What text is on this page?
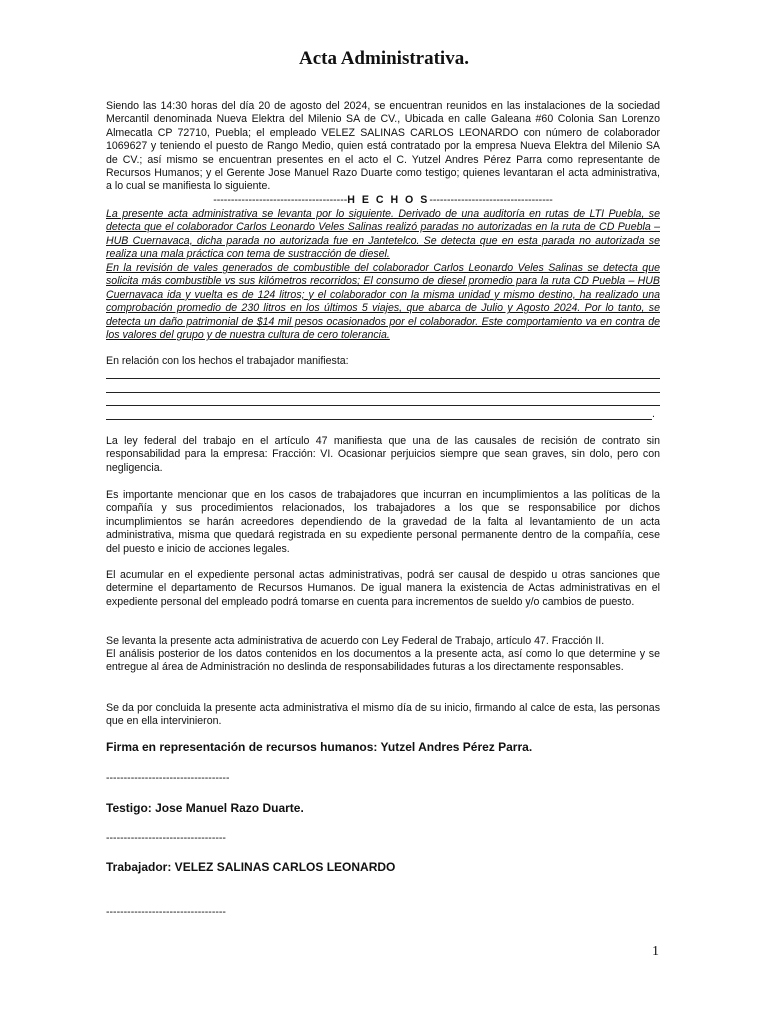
Acta Administrativa.

Siendo las 14:30 horas del día 20 de agosto del 2024, se encuentran reunidos en las instalaciones de la sociedad Mercantil denominada Nueva Elektra del Milenio SA de CV., Ubicada en calle Galeana #60 Colonia San Lorenzo Almecatla CP 72710, Puebla; el empleado VELEZ SALINAS CARLOS LEONARDO con número de colaborador 1069627 y teniendo el puesto de Rango Medio, quien está contratado por la empresa Nueva Elektra del Milenio SA de CV.; así mismo se encuentran presentes en el acto el C. Yutzel Andres Pérez Parra como representante de Recursos Humanos; y el Gerente Jose Manuel Razo Duarte como testigo; quienes levantaran el acta administrativa, a lo cual se manifiesta lo siguiente.

--------------------------------------H E C H O S-----------------------------------

La presente acta administrativa se levanta por lo siguiente. Derivado de una auditoría en rutas de LTI Puebla, se detecta que el colaborador Carlos Leonardo Veles Salinas realizó paradas no autorizadas en la ruta de CD Puebla – HUB Cuernavaca, dicha parada no autorizada fue en Jantetelco. Se detecta que en esta parada no autorizada se realiza una mala práctica con tema de sustracción de diesel.

En la revisión de vales generados de combustible del colaborador Carlos Leonardo Veles Salinas se detecta que solicita más combustible vs sus kilómetros recorridos; El consumo de diesel promedio para la ruta CD Puebla – HUB Cuernavaca ida y vuelta es de 124 litros; y el colaborador con la misma unidad y mismo destino, ha realizado una comprobación promedio de 230 litros en los últimos 5 viajes, que abarca de Julio y Agosto 2024. Por lo tanto, se detecta un daño patrimonial de $14 mil pesos ocasionados por el colaborador. Este comportamiento va en contra de los valores del grupo y de nuestra cultura de cero tolerancia.

En relación con los hechos el trabajador manifiesta:

.

La ley federal del trabajo en el artículo 47 manifiesta que una de las causales de recisión de contrato sin responsabilidad para la empresa: Fracción: VI. Ocasionar perjuicios siempre que sean graves, sin dolo, pero con negligencia.

Es importante mencionar que en los casos de trabajadores que incurran en incumplimientos a las políticas de la compañía y sus procedimientos relacionados, los trabajadores a los que se responsabilice por dichos incumplimientos se harán acreedores dependiendo de la gravedad de la falta al levantamiento de un acta administrativa, misma que quedará registrada en su expediente personal permanente dentro de la compañía, cese del puesto e inicio de acciones legales.

El acumular en el expediente personal actas administrativas, podrá ser causal de despido u otras sanciones que determine el departamento de Recursos Humanos. De igual manera la existencia de Actas administrativas en el expediente personal del empleado podrá tomarse en cuenta para incrementos de sueldo y/o cambios de puesto.

Se levanta la presente acta administrativa de acuerdo con Ley Federal de Trabajo, artículo 47. Fracción II.

El análisis posterior de los datos contenidos en los documentos a la presente acta, así como lo que determine y se entregue al área de Administración no deslinda de responsabilidades futuras a los directamente responsables.

Se da por concluida la presente acta administrativa el mismo día de su inicio, firmando al calce de esta, las personas que en ella intervinieron.

Firma en representación de recursos humanos: Yutzel Andres Pérez Parra.
-----------------------------------
Testigo: Jose Manuel Razo Duarte.
----------------------------------
Trabajador: VELEZ SALINAS CARLOS LEONARDO
----------------------------------
1
